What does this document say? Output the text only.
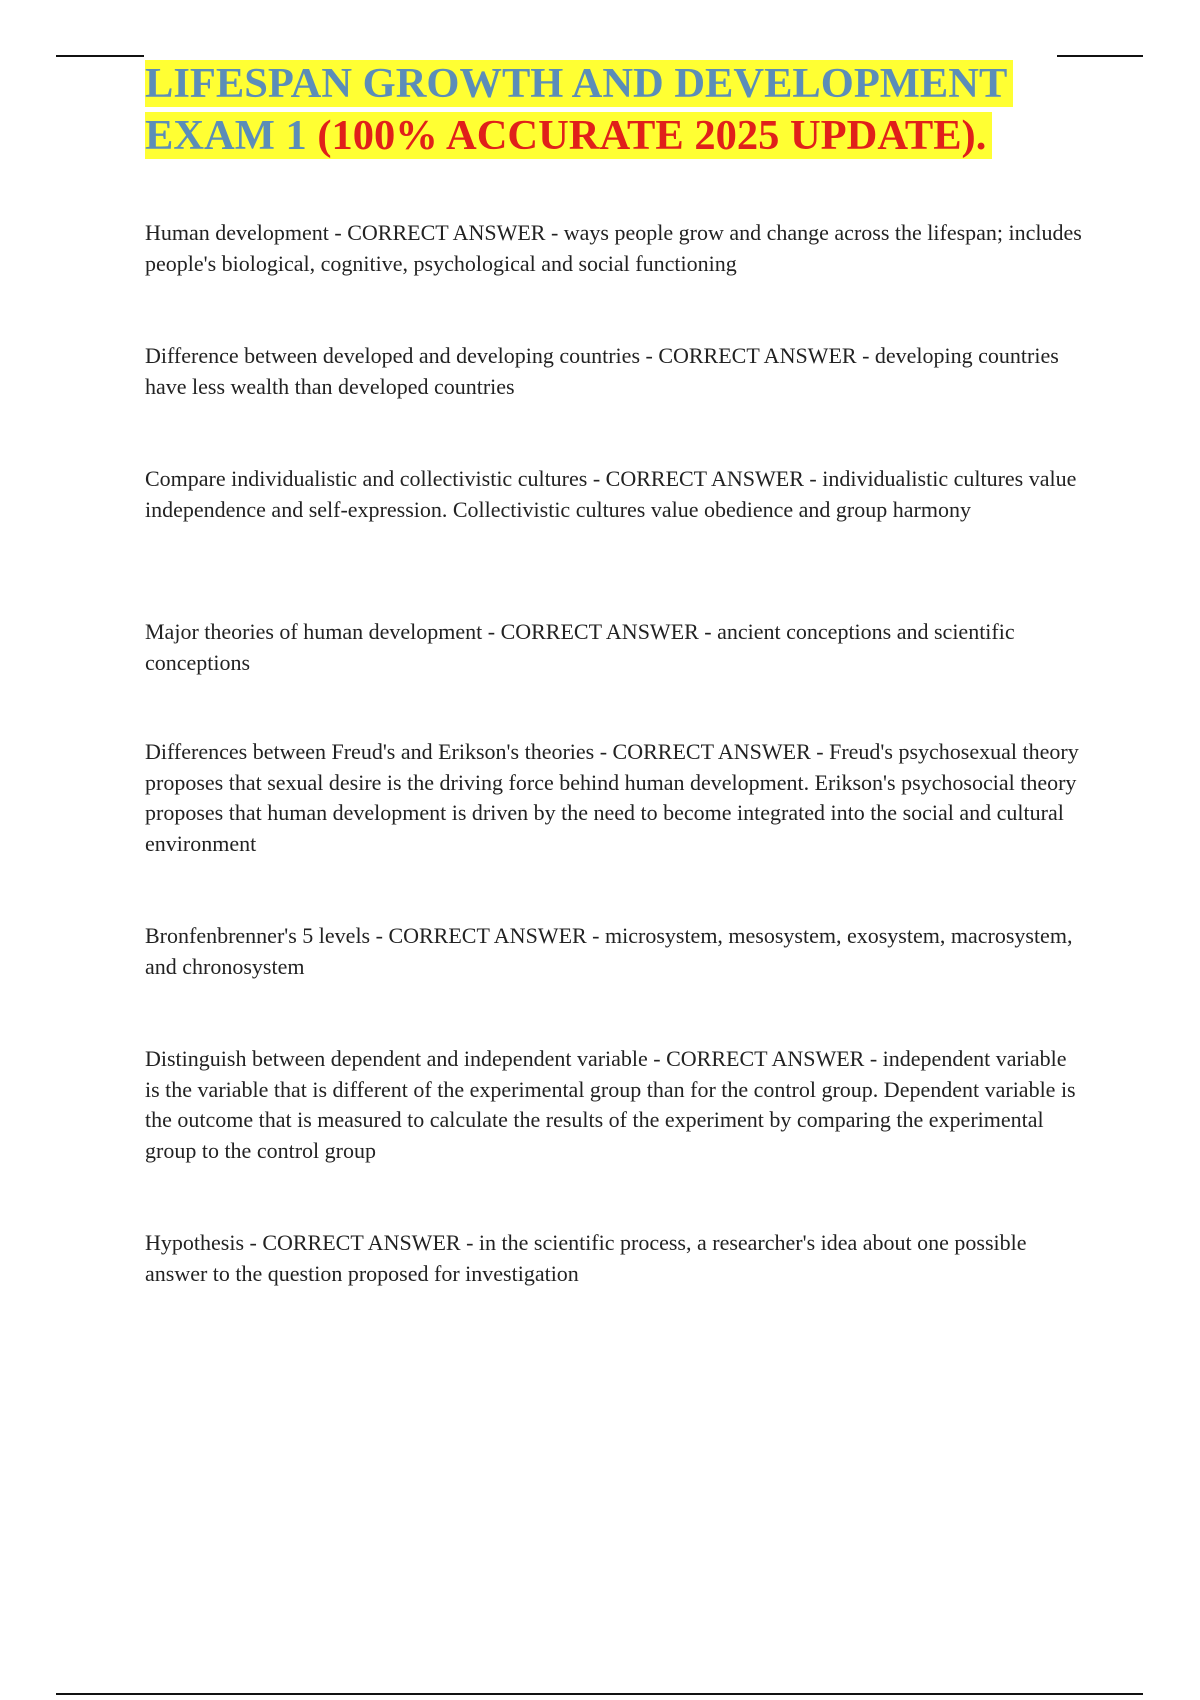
LIFESPAN GROWTH AND DEVELOPMENT EXAM 1 (100% ACCURATE 2025 UPDATE).

Human development - CORRECT ANSWER - ways people grow and change across the lifespan; includes people's biological, cognitive, psychological and social functioning

Difference between developed and developing countries - CORRECT ANSWER - developing countries have less wealth than developed countries

Compare individualistic and collectivistic cultures - CORRECT ANSWER - individualistic cultures value independence and self-expression. Collectivistic cultures value obedience and group harmony

Major theories of human development - CORRECT ANSWER - ancient conceptions and scientific conceptions

Differences between Freud's and Erikson's theories - CORRECT ANSWER - Freud's psychosexual theory proposes that sexual desire is the driving force behind human development. Erikson's psychosocial theory proposes that human development is driven by the need to become integrated into the social and cultural environment

Bronfenbrenner's 5 levels - CORRECT ANSWER - microsystem, mesosystem, exosystem, macrosystem, and chronosystem

Distinguish between dependent and independent variable - CORRECT ANSWER - independent variable is the variable that is different of the experimental group than for the control group. Dependent variable is the outcome that is measured to calculate the results of the experiment by comparing the experimental group to the control group

Hypothesis - CORRECT ANSWER - in the scientific process, a researcher's idea about one possible answer to the question proposed for investigation
